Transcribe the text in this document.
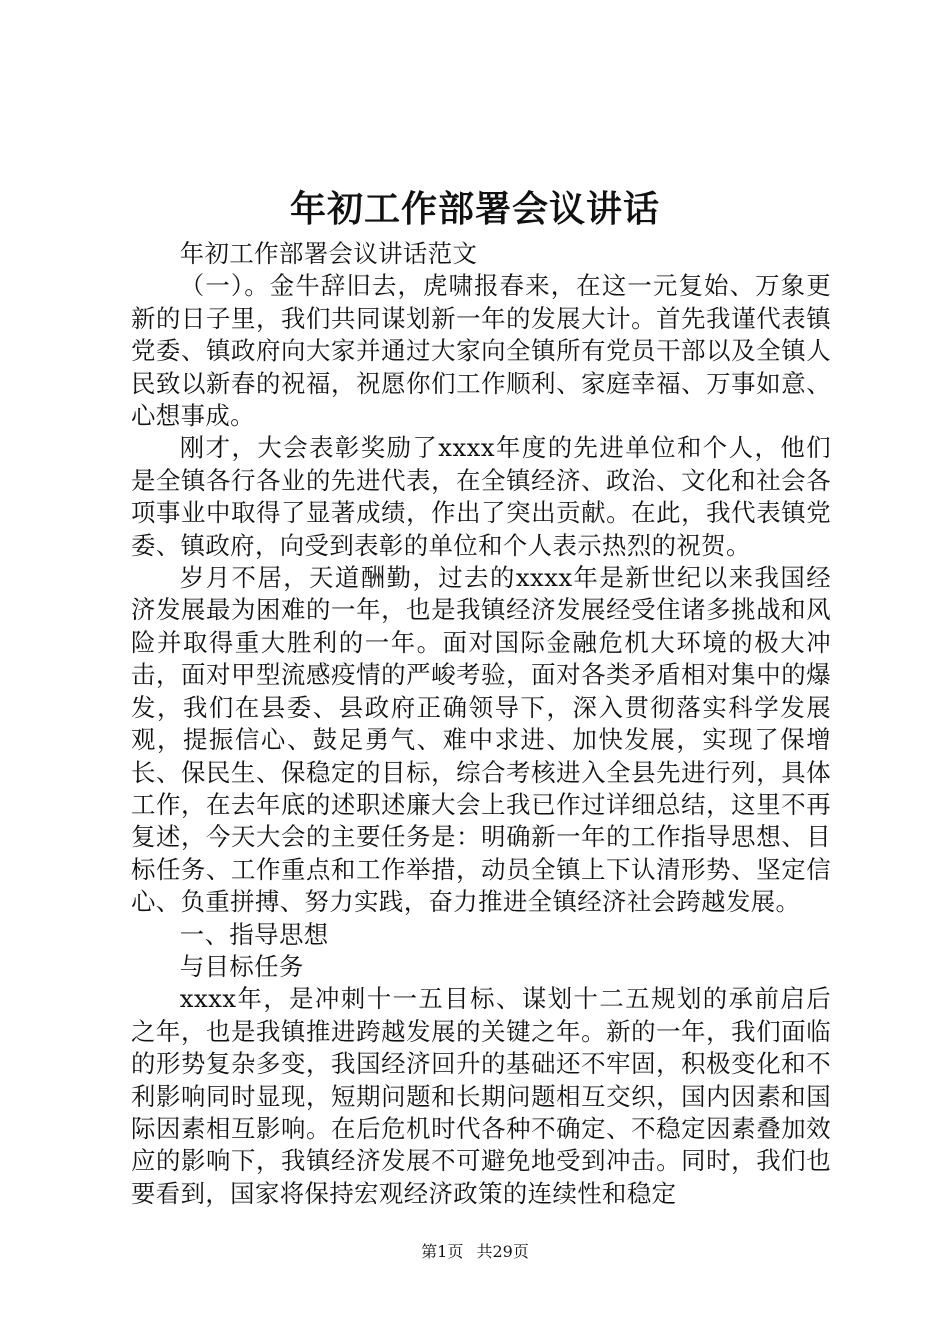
年初工作部署会议讲话

年初工作部署会议讲话范文

（一）。金牛辞旧去，虎啸报春来，在这一元复始、万象更新的日子里，我们共同谋划新一年的发展大计。首先我谨代表镇党委、镇政府向大家并通过大家向全镇所有党员干部以及全镇人民致以新春的祝福，祝愿你们工作顺利、家庭幸福、万事如意、心想事成。

刚才，大会表彰奖励了xxxx年度的先进单位和个人，他们是全镇各行各业的先进代表，在全镇经济、政治、文化和社会各项事业中取得了显著成绩，作出了突出贡献。在此，我代表镇党委、镇政府，向受到表彰的单位和个人表示热烈的祝贺。

岁月不居，天道酬勤，过去的xxxx年是新世纪以来我国经济发展最为困难的一年，也是我镇经济发展经受住诸多挑战和风险并取得重大胜利的一年。面对国际金融危机大环境的极大冲击，面对甲型流感疫情的严峻考验，面对各类矛盾相对集中的爆发，我们在县委、县政府正确领导下，深入贯彻落实科学发展观，提振信心、鼓足勇气、难中求进、加快发展，实现了保增长、保民生、保稳定的目标，综合考核进入全县先进行列，具体工作，在去年底的述职述廉大会上我已作过详细总结，这里不再复述，今天大会的主要任务是：明确新一年的工作指导思想、目标任务、工作重点和工作举措，动员全镇上下认清形势、坚定信心、负重拼搏、努力实践，奋力推进全镇经济社会跨越发展。

一、指导思想

与目标任务

xxxx年，是冲刺十一五目标、谋划十二五规划的承前启后之年，也是我镇推进跨越发展的关键之年。新的一年，我们面临的形势复杂多变，我国经济回升的基础还不牢固，积极变化和不利影响同时显现，短期问题和长期问题相互交织，国内因素和国际因素相互影响。在后危机时代各种不确定、不稳定因素叠加效应的影响下，我镇经济发展不可避免地受到冲击。同时，我们也要看到，国家将保持宏观经济政策的连续性和稳定

第1页 共29页
